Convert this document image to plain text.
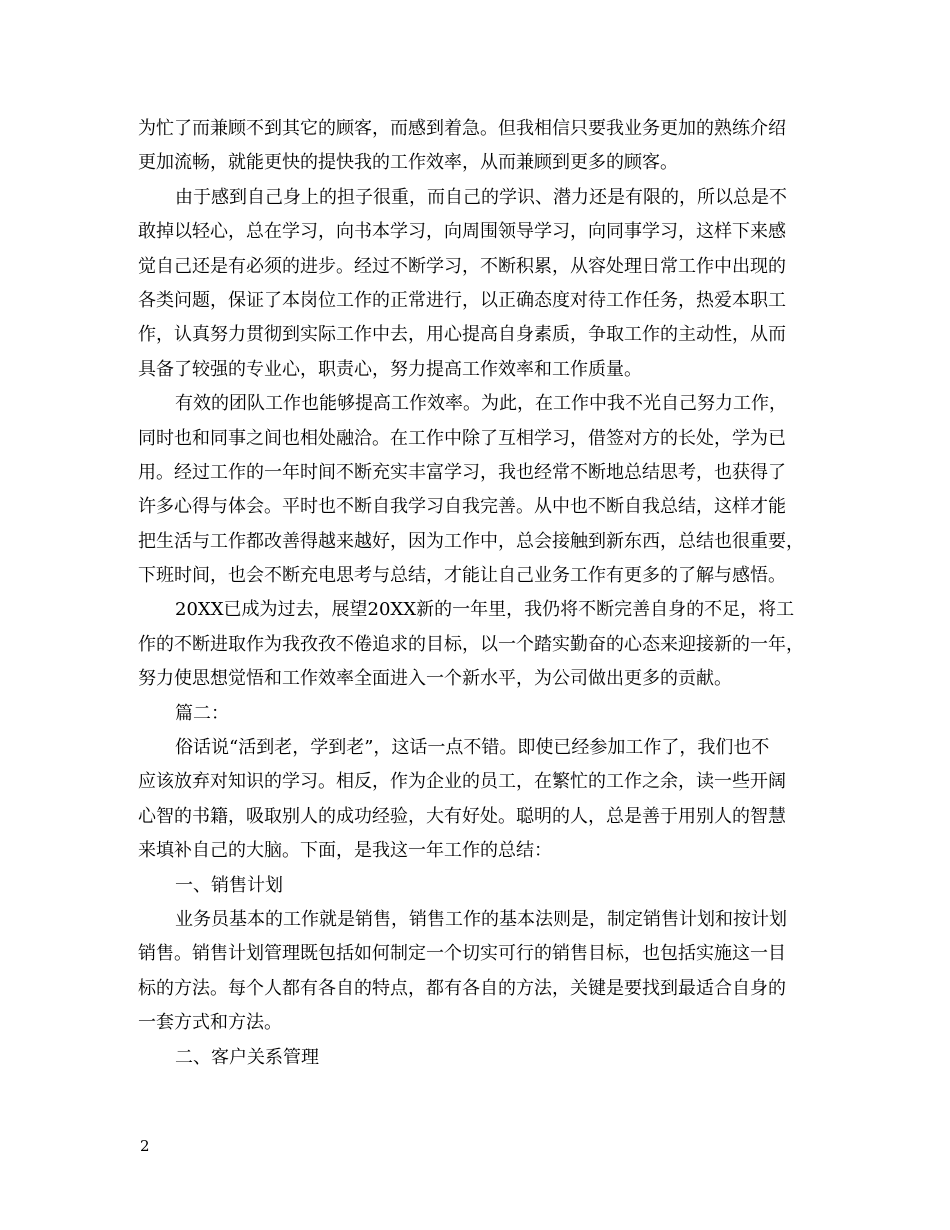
为忙了而兼顾不到其它的顾客，而感到着急。但我相信只要我业务更加的熟练介绍
更加流畅，就能更快的提快我的工作效率，从而兼顾到更多的顾客。
由于感到自己身上的担子很重，而自己的学识、潜力还是有限的，所以总是不
敢掉以轻心，总在学习，向书本学习，向周围领导学习，向同事学习，这样下来感
觉自己还是有必须的进步。经过不断学习，不断积累，从容处理日常工作中出现的
各类问题，保证了本岗位工作的正常进行，以正确态度对待工作任务，热爱本职工
作，认真努力贯彻到实际工作中去，用心提高自身素质，争取工作的主动性，从而
具备了较强的专业心，职责心，努力提高工作效率和工作质量。
有效的团队工作也能够提高工作效率。为此，在工作中我不光自己努力工作，
同时也和同事之间也相处融洽。在工作中除了互相学习，借签对方的长处，学为已
用。经过工作的一年时间不断充实丰富学习，我也经常不断地总结思考，也获得了
许多心得与体会。平时也不断自我学习自我完善。从中也不断自我总结，这样才能
把生活与工作都改善得越来越好，因为工作中，总会接触到新东西，总结也很重要，
下班时间，也会不断充电思考与总结，才能让自己业务工作有更多的了解与感悟。
20XX已成为过去，展望20XX新的一年里，我仍将不断完善自身的不足，将工
作的不断进取作为我孜孜不倦追求的目标，以一个踏实勤奋的心态来迎接新的一年，
努力使思想觉悟和工作效率全面进入一个新水平，为公司做出更多的贡献。
篇二：
俗话说“活到老，学到老”，这话一点不错。即使已经参加工作了，我们也不
应该放弃对知识的学习。相反，作为企业的员工，在繁忙的工作之余，读一些开阔
心智的书籍，吸取别人的成功经验，大有好处。聪明的人，总是善于用别人的智慧
来填补自己的大脑。下面，是我这一年工作的总结：
一、销售计划
业务员基本的工作就是销售，销售工作的基本法则是，制定销售计划和按计划
销售。销售计划管理既包括如何制定一个切实可行的销售目标，也包括实施这一目
标的方法。每个人都有各自的特点，都有各自的方法，关键是要找到最适合自身的
一套方式和方法。
二、客户关系管理
2
